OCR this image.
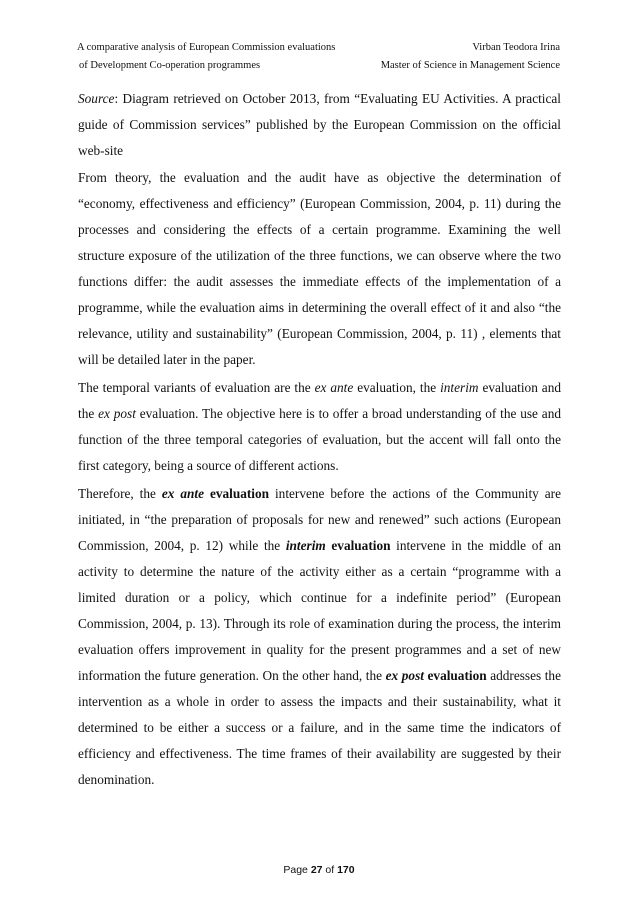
A comparative analysis of European Commission evaluations	Virban Teodora Irina
of Development Co-operation programmes	Master of Science in Management Science

Source: Diagram retrieved on October 2013, from “Evaluating EU Activities. A practical guide of Commission services” published by the European Commission on the official web-site

From theory, the evaluation and the audit have as objective the determination of “economy, effectiveness and efficiency” (European Commission, 2004, p. 11) during the processes and considering the effects of a certain programme. Examining the well structure exposure of the utilization of the three functions, we can observe where the two functions differ: the audit assesses the immediate effects of the implementation of a programme, while the evaluation aims in determining the overall effect of it and also “the relevance, utility and sustainability” (European Commission, 2004, p. 11) , elements that will be detailed later in the paper.

The temporal variants of evaluation are the ex ante evaluation, the interim evaluation and the ex post evaluation. The objective here is to offer a broad understanding of the use and function of the three temporal categories of evaluation, but the accent will fall onto the first category, being a source of different actions.

Therefore, the ex ante evaluation intervene before the actions of the Community are initiated, in “the preparation of proposals for new and renewed” such actions (European Commission, 2004, p. 12) while the interim evaluation intervene in the middle of an activity to determine the nature of the activity either as a certain “programme with a limited duration or a policy, which continue for a indefinite period” (European Commission, 2004, p. 13). Through its role of examination during the process, the interim evaluation offers improvement in quality for the present programmes and a set of new information the future generation. On the other hand, the ex post evaluation addresses the intervention as a whole in order to assess the impacts and their sustainability, what it determined to be either a success or a failure, and in the same time the indicators of efficiency and effectiveness. The time frames of their availability are suggested by their denomination.

Page 27 of 170
